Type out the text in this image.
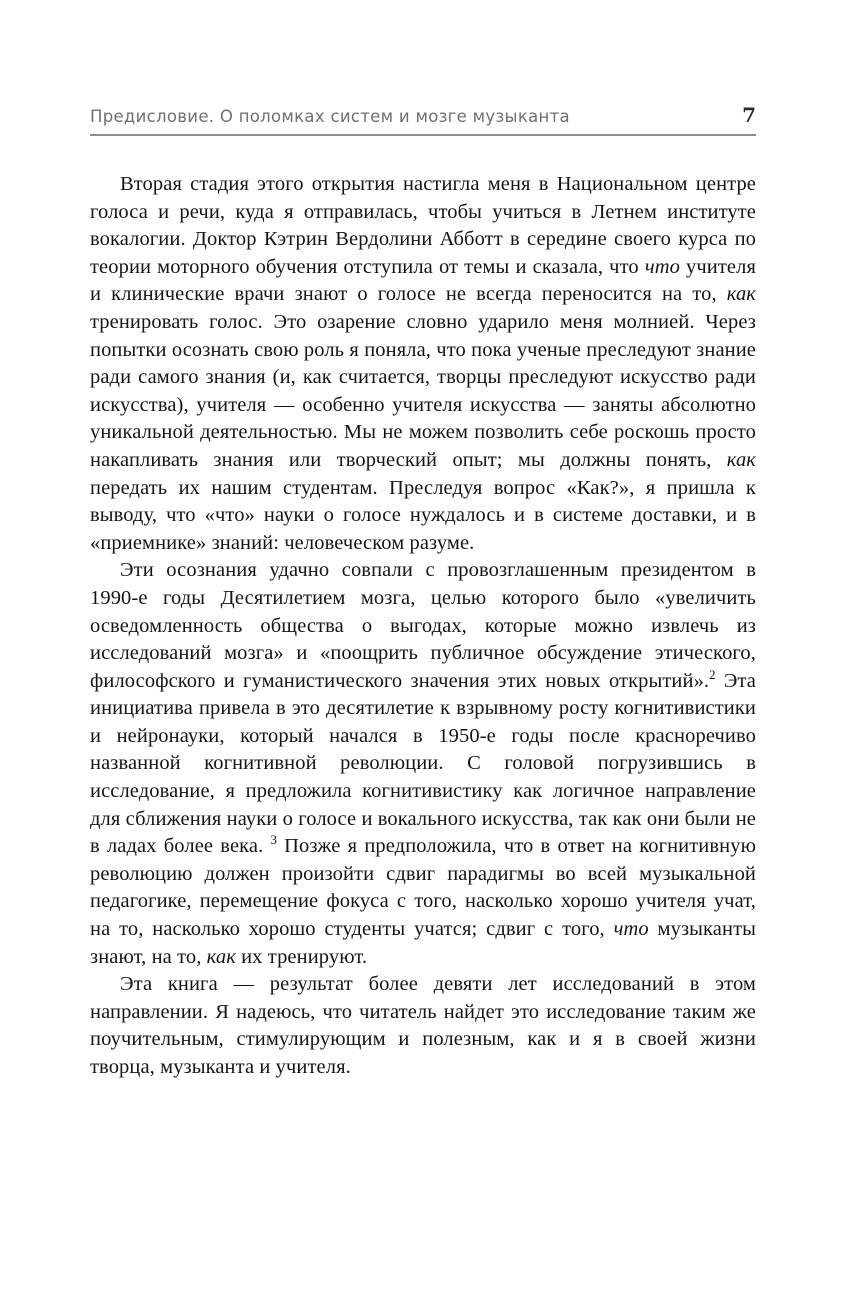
Предисловие. О поломках систем и мозге музыканта	7

Вторая стадия этого открытия настигла меня в Национальном центре голоса и речи, куда я отправилась, чтобы учиться в Летнем институте вокалогии. Доктор Кэтрин Вердолини Абботт в середине своего курса по теории моторного обучения отступила от темы и сказала, что что учителя и клинические врачи знают о голосе не всегда переносится на то, как тренировать голос. Это озарение словно ударило меня молнией. Через попытки осознать свою роль я поняла, что пока ученые преследуют знание ради самого знания (и, как считается, творцы преследуют искусство ради искусства), учителя — особенно учителя искусства — заняты абсолютно уникальной деятельностью. Мы не можем позволить себе роскошь просто накапливать знания или творческий опыт; мы должны понять, как передать их нашим студентам. Преследуя вопрос «Как?», я пришла к выводу, что «что» науки о голосе нуждалось и в системе доставки, и в «приемнике» знаний: человеческом разуме.

Эти осознания удачно совпали с провозглашенным президентом в 1990-е годы Десятилетием мозга, целью которого было «увеличить осведомленность общества о выгодах, которые можно извлечь из исследований мозга» и «поощрить публичное обсуждение этического, философского и гуманистического значения этих новых открытий».$^2$ Эта инициатива привела в это десятилетие к взрывному росту когнитивистики и нейронауки, который начался в 1950-е годы после красноречиво названной когнитивной революции. С головой погрузившись в исследование, я предложила когнитивистику как логичное направление для сближения науки о голосе и вокального искусства, так как они были не в ладах более века. $^3$ Позже я предположила, что в ответ на когнитивную революцию должен произойти сдвиг парадигмы во всей музыкальной педагогике, перемещение фокуса с того, насколько хорошо учителя учат, на то, насколько хорошо студенты учатся; сдвиг с того, что музыканты знают, на то, как их тренируют.

Эта книга — результат более девяти лет исследований в этом направлении. Я надеюсь, что читатель найдет это исследование таким же поучительным, стимулирующим и полезным, как и я в своей жизни творца, музыканта и учителя.
